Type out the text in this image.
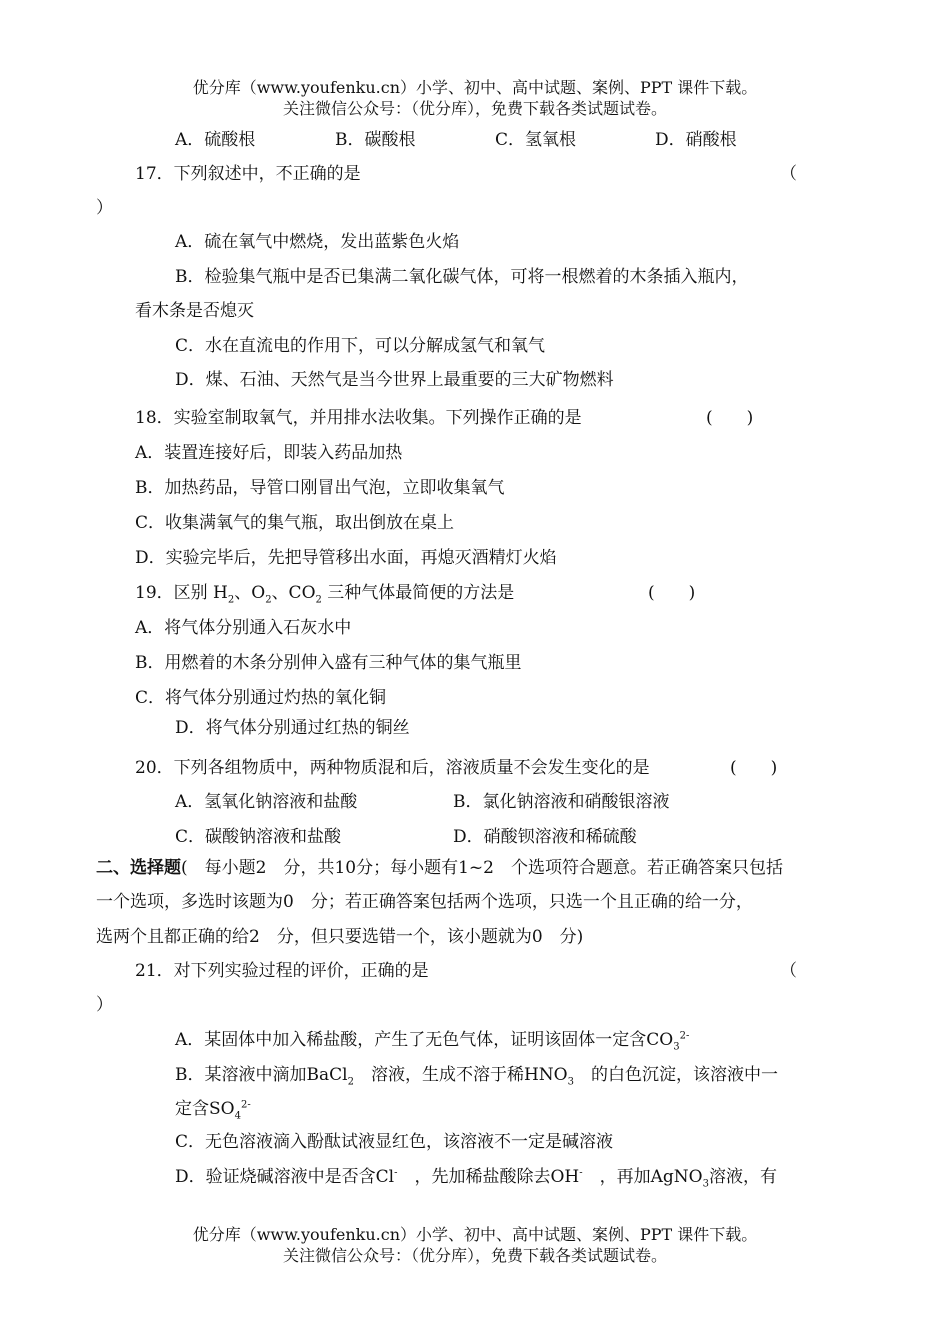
优分库（www.youfenku.cn）小学、初中、高中试题、案例、PPT 课件下载。
关注微信公众号：（优分库），免费下载各类试题试卷。
A．硫酸根	B．碳酸根	C．氢氧根	D．硝酸根
17．下列叙述中，不正确的是	（
）
A．硫在氧气中燃烧，发出蓝紫色火焰
B．检验集气瓶中是否已集满二氧化碳气体，可将一根燃着的木条插入瓶内，
看木条是否熄灭
C．水在直流电的作用下，可以分解成氢气和氧气
D．煤、石油、天然气是当今世界上最重要的三大矿物燃料
18．实验室制取氧气，并用排水法收集。下列操作正确的是	(　　)
A．装置连接好后，即装入药品加热
B．加热药品，导管口刚冒出气泡，立即收集氧气
C．收集满氧气的集气瓶，取出倒放在桌上
D．实验完毕后，先把导管移出水面，再熄灭酒精灯火焰
19．区别 $H_2$、$O_2$、$CO_2$ 三种气体最简便的方法是	(　　)
A．将气体分别通入石灰水中
B．用燃着的木条分别伸入盛有三种气体的集气瓶里
C．将气体分别通过灼热的氧化铜
D．将气体分别通过红热的铜丝
20．下列各组物质中，两种物质混和后，溶液质量不会发生变化的是	(　　)
A．氢氧化钠溶液和盐酸	B．氯化钠溶液和硝酸银溶液
C．碳酸钠溶液和盐酸	D．硝酸钡溶液和稀硫酸
二、选择题(　每小题2　分，共10分；每小题有1~2　个选项符合题意。若正确答案只包括
一个选项，多选时该题为0　分；若正确答案包括两个选项，只选一个且正确的给一分，
选两个且都正确的给2　分，但只要选错一个，该小题就为0　分)
21．对下列实验过程的评价，正确的是	（
）
A．某固体中加入稀盐酸，产生了无色气体，证明该固体一定含$CO_3^{2-}$
B．某溶液中滴加BaCl$_2$　溶液，生成不溶于稀$HNO_3$　的白色沉淀，该溶液中一
定含$SO_4^{2-}$
C．无色溶液滴入酚酞试液显红色，该溶液不一定是碱溶液
D．验证烧碱溶液中是否含Cl-　，先加稀盐酸除去OH-　，再加AgNO$_3$溶液，有
优分库（www.youfenku.cn）小学、初中、高中试题、案例、PPT 课件下载。
关注微信公众号：（优分库），免费下载各类试题试卷。
